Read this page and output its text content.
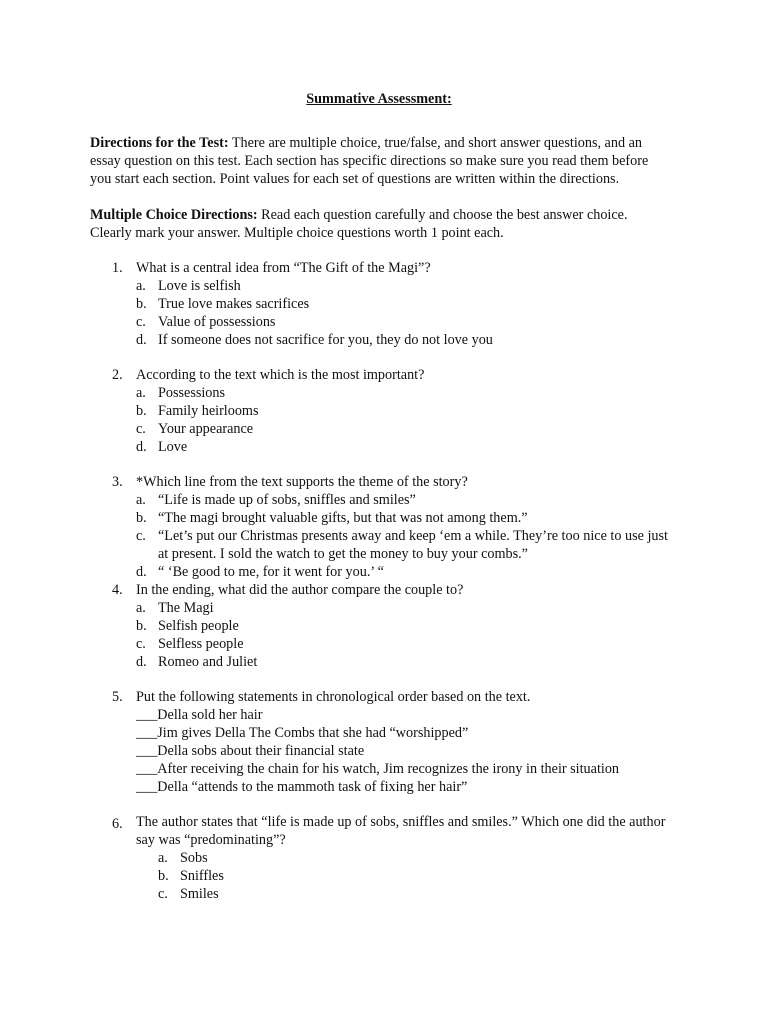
Summative Assessment:

Directions for the Test: There are multiple choice, true/false, and short answer questions, and an essay question on this test. Each section has specific directions so make sure you read them before you start each section. Point values for each set of questions are written within the directions.

Multiple Choice Directions: Read each question carefully and choose the best answer choice. Clearly mark your answer. Multiple choice questions worth 1 point each.

1. What is a central idea from “The Gift of the Magi”?
a. Love is selfish
b. True love makes sacrifices
c. Value of possessions
d. If someone does not sacrifice for you, they do not love you
2. According to the text which is the most important?
a. Possessions
b. Family heirlooms
c. Your appearance
d. Love
3. *Which line from the text supports the theme of the story?
a. “Life is made up of sobs, sniffles and smiles”
b. “The magi brought valuable gifts, but that was not among them.”
c. “Let’s put our Christmas presents away and keep ‘em a while. They’re too nice to use just at present. I sold the watch to get the money to buy your combs.”
d. “ ‘Be good to me, for it went for you.’ “
4. In the ending, what did the author compare the couple to?
a. The Magi
b. Selfish people
c. Selfless people
d. Romeo and Juliet
5. Put the following statements in chronological order based on the text.
___Della sold her hair
___Jim gives Della The Combs that she had “worshipped”
___Della sobs about their financial state
___After receiving the chain for his watch, Jim recognizes the irony in their situation
___Della “attends to the mammoth task of fixing her hair”
6. The author states that “life is made up of sobs, sniffles and smiles.” Which one did the author say was “predominating”?
a. Sobs
b. Sniffles
c. Smiles
